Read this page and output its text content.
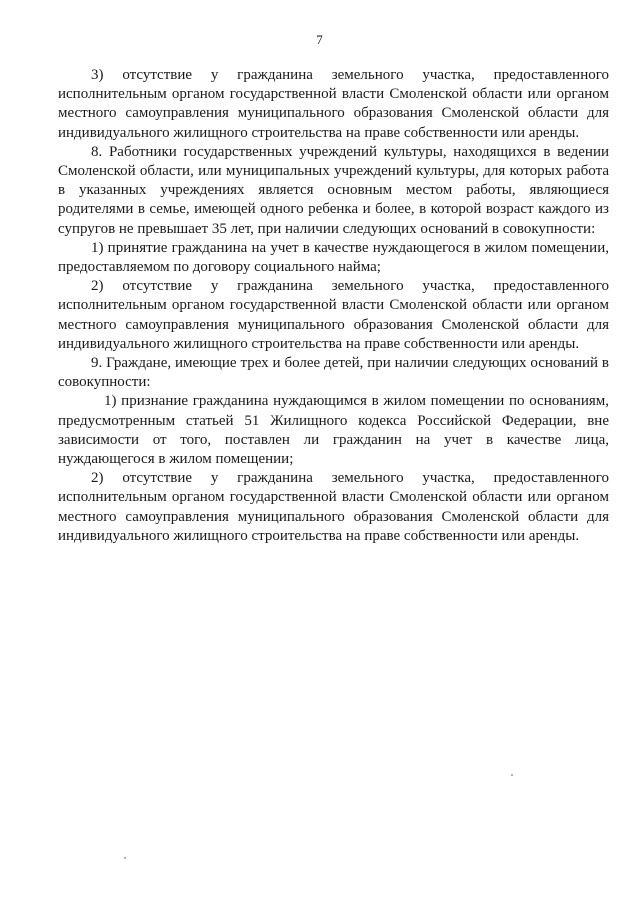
7

3) отсутствие у гражданина земельного участка, предоставленного исполнительным органом государственной власти Смоленской области или органом местного самоуправления муниципального образования Смоленской области для индивидуального жилищного строительства на праве собственности или аренды.

8. Работники государственных учреждений культуры, находящихся в ведении Смоленской области, или муниципальных учреждений культуры, для которых работа в указанных учреждениях является основным местом работы, являющиеся родителями в семье, имеющей одного ребенка и более, в которой возраст каждого из супругов не превышает 35 лет, при наличии следующих оснований в совокупности:

1) принятие гражданина на учет в качестве нуждающегося в жилом помещении, предоставляемом по договору социального найма;

2) отсутствие у гражданина земельного участка, предоставленного исполнительным органом государственной власти Смоленской области или органом местного самоуправления муниципального образования Смоленской области для индивидуального жилищного строительства на праве собственности или аренды.

9. Граждане, имеющие трех и более детей, при наличии следующих оснований в совокупности:

1) признание гражданина нуждающимся в жилом помещении по основаниям, предусмотренным статьей 51 Жилищного кодекса Российской Федерации, вне зависимости от того, поставлен ли гражданин на учет в качестве лица, нуждающегося в жилом помещении;

2) отсутствие у гражданина земельного участка, предоставленного исполнительным органом государственной власти Смоленской области или органом местного самоуправления муниципального образования Смоленской области для индивидуального жилищного строительства на праве собственности или аренды.
